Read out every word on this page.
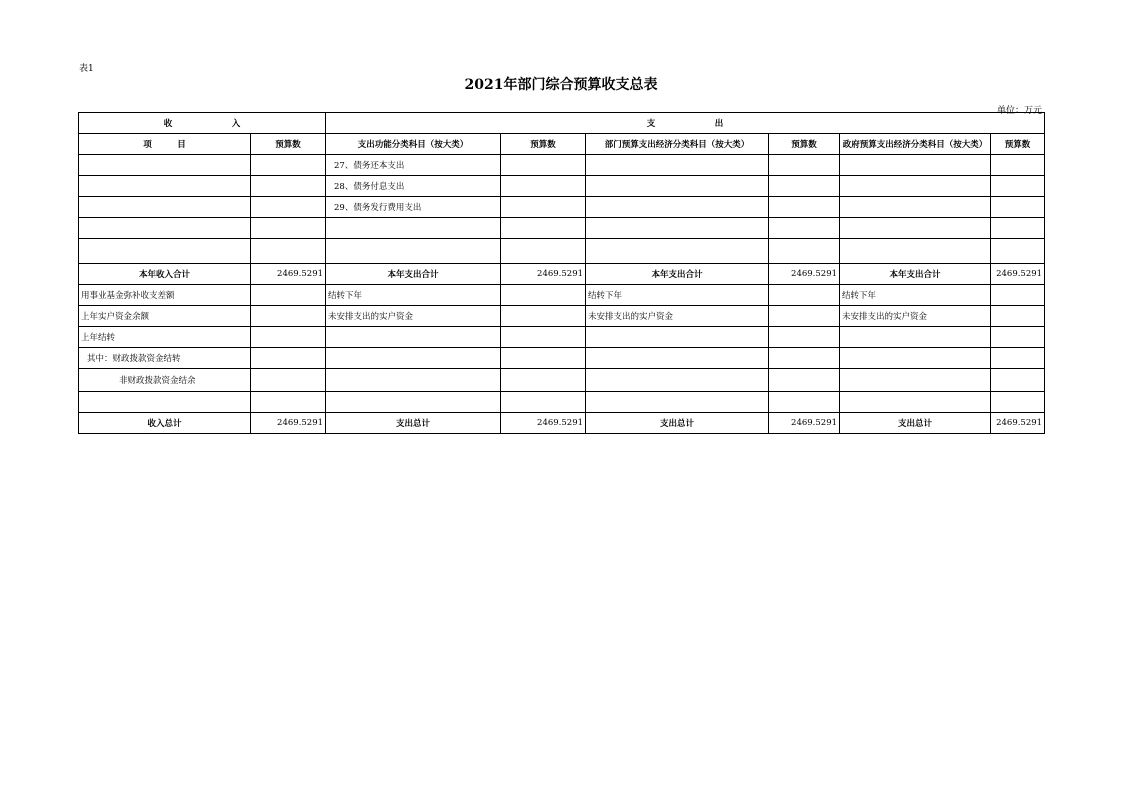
表1
2021年部门综合预算收支总表
单位：万元
收　　　　　　　入		支　　　　　　　出					
项　　　目	预算数	支出功能分类科目（按大类）	预算数	部门预算支出经济分类科目（按大类）	预算数	政府预算支出经济分类科目（按大类）	预算数
		27、债务还本支出					
		28、债务付息支出					
		29、债务发行费用支出					

本年收入合计	2469.5291	本年支出合计	2469.5291	本年支出合计	2469.5291	本年支出合计	2469.5291
用事业基金弥补收支差额		结转下年		结转下年		结转下年	
上年实户资金余额		未安排支出的实户资金		未安排支出的实户资金		未安排支出的实户资金	
上年结转							
其中：财政拨款资金结转							
非财政拨款资金结余							

收入总计	2469.5291	支出总计	2469.5291	支出总计	2469.5291	支出总计	2469.5291
